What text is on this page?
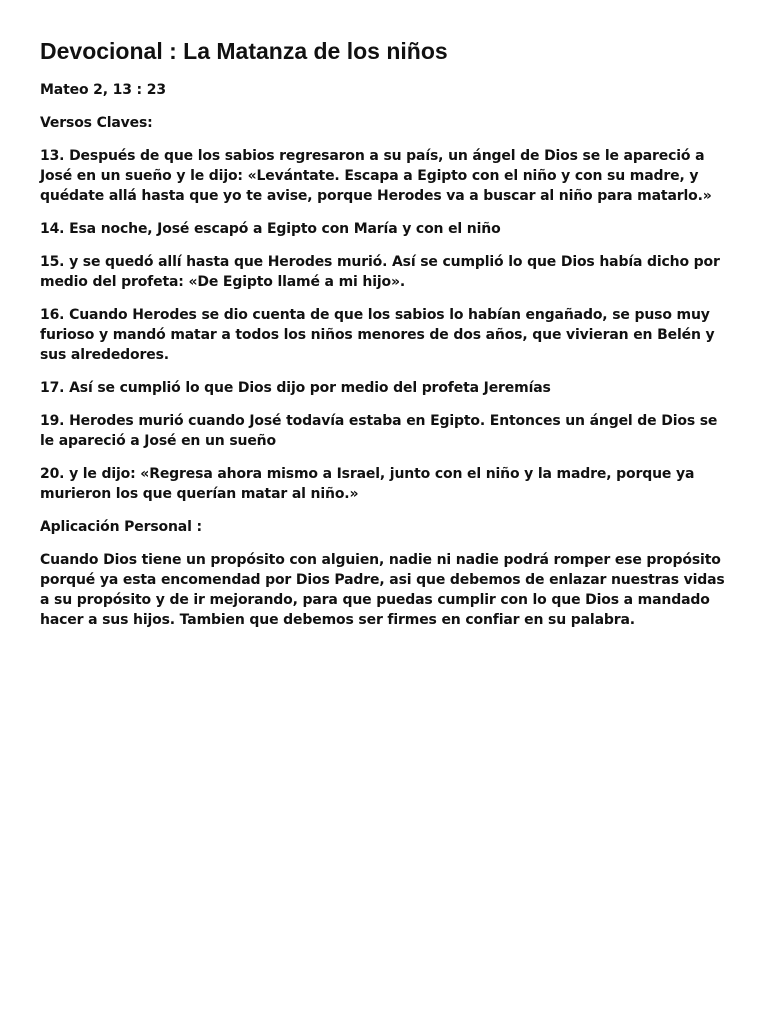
Devocional : La Matanza de los niños

Mateo 2, 13 : 23

Versos Claves:

13. Después de que los sabios regresaron a su país, un ángel de Dios se le apareció a José en un sueño y le dijo: «Levántate. Escapa a Egipto con el niño y con su madre, y quédate allá hasta que yo te avise, porque Herodes va a buscar al niño para matarlo.»

14. Esa noche, José escapó a Egipto con María y con el niño

15. y se quedó allí hasta que Herodes murió. Así se cumplió lo que Dios había dicho por medio del profeta: «De Egipto llamé a mi hijo».

16. Cuando Herodes se dio cuenta de que los sabios lo habían engañado, se puso muy furioso y mandó matar a todos los niños menores de dos años, que vivieran en Belén y sus alrededores.

17. Así se cumplió lo que Dios dijo por medio del profeta Jeremías

19. Herodes murió cuando José todavía estaba en Egipto. Entonces un ángel de Dios se le apareció a José en un sueño

20. y le dijo: «Regresa ahora mismo a Israel, junto con el niño y la madre, porque ya murieron los que querían matar al niño.»

Aplicación Personal :

Cuando Dios tiene un propósito con alguien, nadie ni nadie podrá romper ese propósito porqué ya esta encomendad por Dios Padre, asi que debemos de enlazar nuestras vidas a su propósito y de ir mejorando, para que puedas cumplir con lo que Dios a mandado hacer a sus hijos. Tambien que debemos ser firmes en confiar en su palabra.
